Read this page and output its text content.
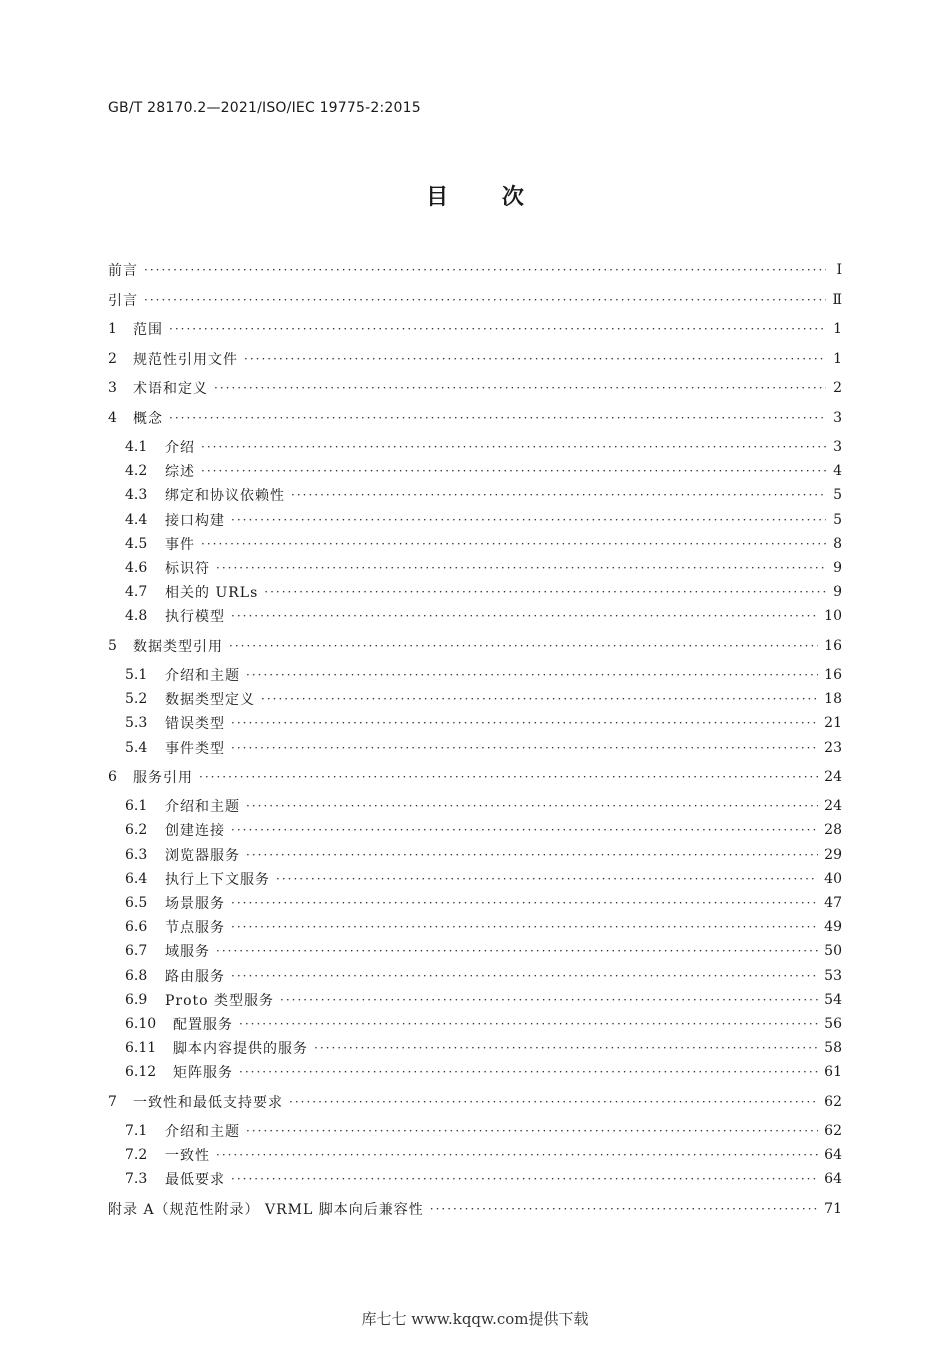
GB/T 28170.2—2021/ISO/IEC 19775-2:2015
目 次
前言 ·····	Ⅰ
引言 ·····	Ⅱ
1	范围 ·····	1
2	规范性引用文件 ·····	1
3	术语和定义 ·····	2
4	概念 ·····	3
4.1	介绍 ·····	3
4.2	综述 ·····	4
4.3	绑定和协议依赖性 ·····	5
4.4	接口构建 ·····	5
4.5	事件 ·····	8
4.6	标识符 ·····	9
4.7	相关的 URLs ·····	9
4.8	执行模型 ·····	10
5	数据类型引用 ·····	16
5.1	介绍和主题 ·····	16
5.2	数据类型定义 ·····	18
5.3	错误类型 ·····	21
5.4	事件类型 ·····	23
6	服务引用 ·····	24
6.1	介绍和主题 ·····	24
6.2	创建连接 ·····	28
6.3	浏览器服务 ·····	29
6.4	执行上下文服务 ·····	40
6.5	场景服务 ·····	47
6.6	节点服务 ·····	49
6.7	域服务 ·····	50
6.8	路由服务 ·····	53
6.9	Proto 类型服务 ·····	54
6.10	配置服务 ·····	56
6.11	脚本内容提供的服务 ·····	58
6.12	矩阵服务 ·····	61
7	一致性和最低支持要求 ·····	62
7.1	介绍和主题 ·····	62
7.2	一致性 ·····	64
7.3	最低要求 ·····	64
附录 A（规范性附录） VRML 脚本向后兼容性 ·····	71
库七七 www.kqqw.com提供下载
